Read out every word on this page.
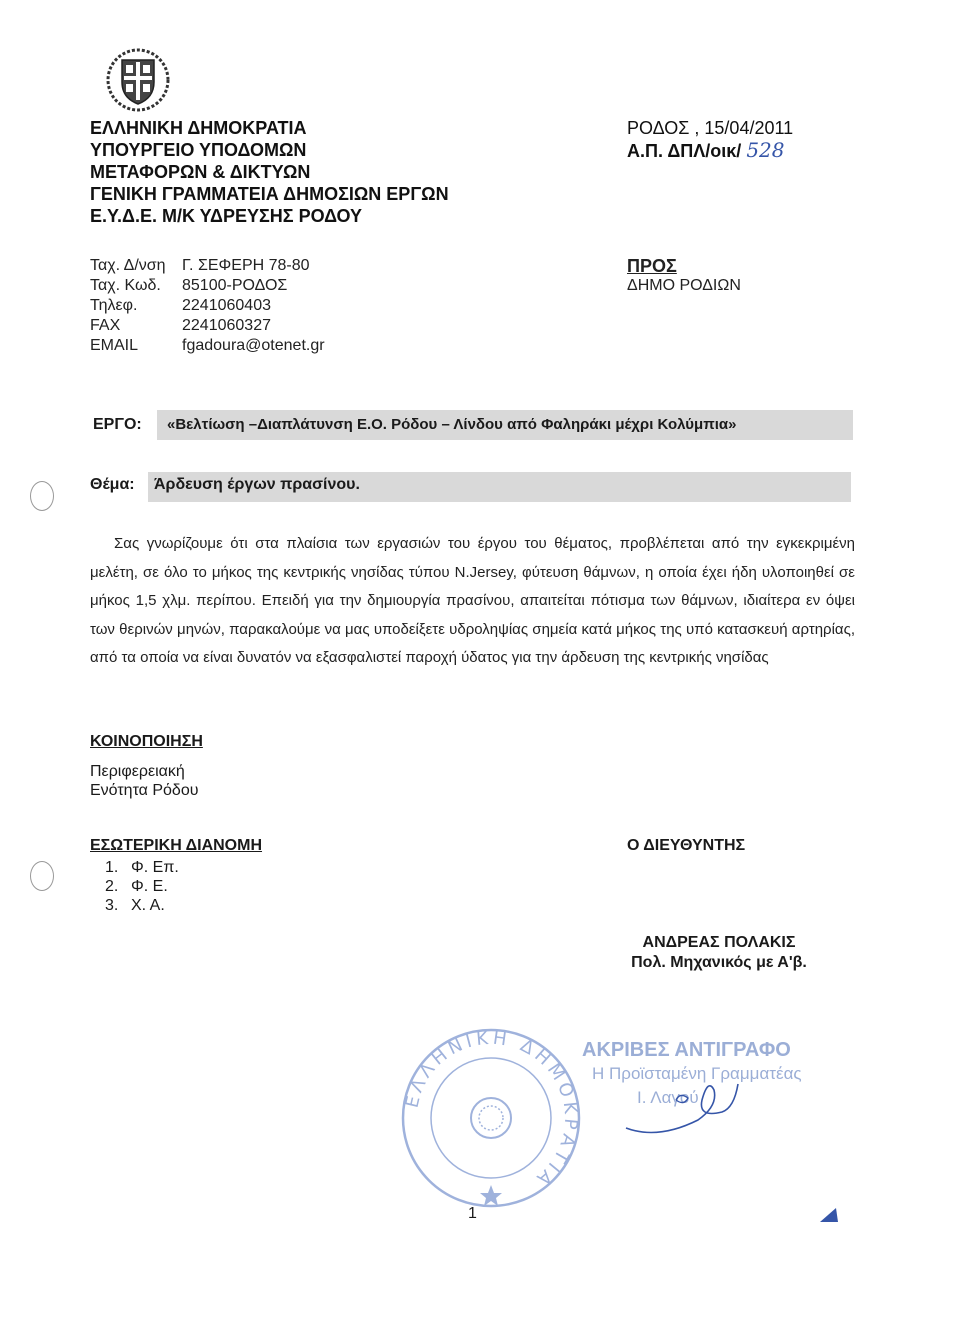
ΕΛΛΗΝΙΚΗ ΔΗΜΟΚΡΑΤΙΑ
ΥΠΟΥΡΓΕΙΟ ΥΠΟΔΟΜΩΝ
ΜΕΤΑΦΟΡΩΝ & ΔΙΚΤΥΩΝ
ΓΕΝΙΚΗ ΓΡΑΜΜΑΤΕΙΑ ΔΗΜΟΣΙΩΝ ΕΡΓΩΝ
Ε.Υ.Δ.Ε. Μ/Κ ΥΔΡΕΥΣΗΣ ΡΟΔΟΥ
ΡΟΔΟΣ , 15/04/2011
Α.Π. ΔΠΛ/οικ/ 528
Ταχ. Δ/νση	Γ. ΣΕΦΕΡΗ 78-80
Ταχ. Κωδ.	85100-ΡΟΔΟΣ
Τηλεφ.	2241060403
FAX	2241060327
EMAIL	fgadoura@otenet.gr
ΠΡΟΣ
ΔΗΜΟ ΡΟΔΙΩΝ
ΕΡΓΟ:	«Βελτίωση –Διαπλάτυνση Ε.Ο. Ρόδου – Λίνδου από Φαληράκι μέχρι Κολύμπια»
Θέμα:	Άρδευση έργων πρασίνου.
Σας γνωρίζουμε ότι στα πλαίσια των εργασιών του έργου του θέματος, προβλέπεται από την εγκεκριμένη μελέτη, σε όλο το μήκος της κεντρικής νησίδας τύπου N.Jersey, φύτευση θάμνων, η οποία έχει ήδη υλοποιηθεί σε μήκος 1,5 χλμ. περίπου. Επειδή για την δημιουργία πρασίνου, απαιτείται πότισμα των θάμνων, ιδιαίτερα εν όψει των θερινών μηνών, παρακαλούμε να μας υποδείξετε υδροληψίας σημεία κατά μήκος της υπό κατασκευή αρτηρίας, από τα οποία να είναι δυνατόν να εξασφαλιστεί παροχή ύδατος για την άρδευση της κεντρικής νησίδας
ΚΟΙΝΟΠΟΙΗΣΗ
Περιφερειακή
Ενότητα Ρόδου
ΕΣΩΤΕΡΙΚΗ ΔΙΑΝΟΜΗ
1. Φ. Επ.
2. Φ. Ε.
3. Χ. Α.
Ο ΔΙΕΥΘΥΝΤΗΣ
ΑΝΔΡΕΑΣ ΠΟΛΑΚΙΣ
Πολ. Μηχανικός με Α'β.
ΕΛΛΗΝΙΚΗ ΔΗΜΟΚΡΑΤΙΑ
ΑΚΡΙΒΕΣ ΑΝΤΙΓΡΑΦΟ
Η Προϊσταμένη Γραμματέας
Ι. Λαγού
1
